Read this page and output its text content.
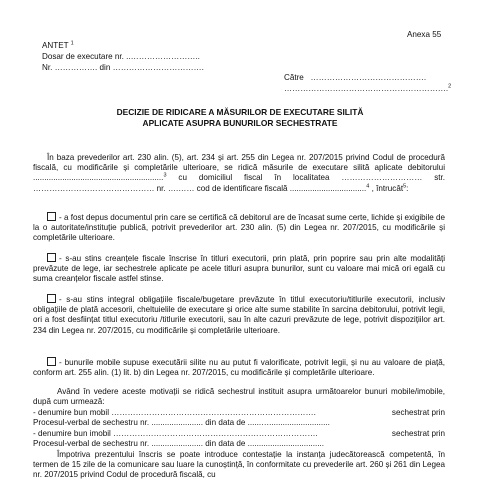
Anexa 55
ANTET $^1$
Dosar de executare nr. ..……………………..
Nr. ……………. din …………………………….
Către …………………………………….
…………………………………………………….$^2$
DECIZIE DE RIDICARE A MĂSURILOR DE EXECUTARE SILITĂ
APLICATE ASUPRA BUNURILOR SECHESTRATE
În baza prevederilor art. 230 alin. (5), art. 234 și art. 255 din Legea nr. 207/2015 privind Codul de procedură fiscală, cu modificările și completările ulterioare, se ridică măsurile de executare silită aplicate debitorului ..........................................................$^3$ cu domiciliul fiscal în localitatea ………………………… str. ……………………………………… nr. ….…… cod de identificare fiscală ..................................$^4$ , întrucât$^5$:
- a fost depus documentul prin care se certifică că debitorul are de încasat sume certe, lichide și exigibile de la o autoritate/instituție publică, potrivit prevederilor art. 230 alin. (5) din Legea nr. 207/2015, cu modificările și completările ulterioare.
- s-au stins creanțele fiscale înscrise în titluri executorii, prin plată, prin poprire sau prin alte modalități prevăzute de lege, iar sechestrele aplicate pe acele titluri asupra bunurilor, sunt cu valoare mai mică ori egală cu suma creanțelor fiscale astfel stinse.
- s-au stins integral obligațiile fiscale/bugetare prevăzute în titlul executoriu/titlurile executorii, inclusiv obligațiile de plată accesorii, cheltuielile de executare și orice alte sume stabilite în sarcina debitorului, potrivit legii, ori a fost desființat titlul executoriu /titlurile executorii, sau în alte cazuri prevăzute de lege, potrivit dispozițiilor art. 234 din Legea nr. 207/2015, cu modificările și completările ulterioare.
- bunurile mobile supuse executării silite nu au putut fi valorificate, potrivit legii, și nu au valoare de piață, conform art. 255 alin. (1) lit. b) din Legea nr. 207/2015, cu modificările și completările ulterioare.
Având în vedere aceste motivații se ridică sechestrul instituit asupra următoarelor bunuri mobile/imobile, după cum urmează:
- denumire bun mobil ………………………………………………………………….	sechestrat prin
Procesul-verbal de sechestru nr. ....................... din data de ......…...........................
- denumire bun imobil ………………………………………………………………….	sechestrat prin
Procesul-verbal de sechestru nr. ....................... din data de ..................................
Împotriva prezentului înscris se poate introduce contestație la instanța judecătorească competentă, în termen de 15 zile de la comunicare sau luare la cunoștință, în conformitate cu prevederile art. 260 și 261 din Legea nr. 207/2015 privind Codul de procedură fiscală, cu
